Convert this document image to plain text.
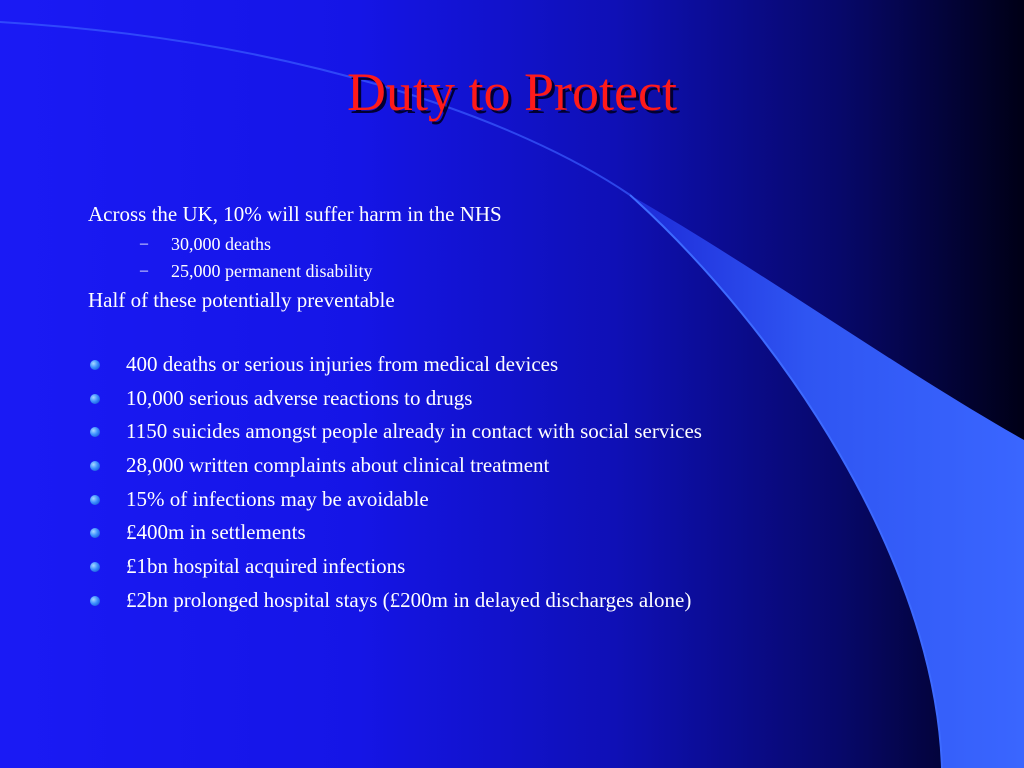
Duty to Protect
Across the UK, 10% will suffer harm in the NHS
– 30,000 deaths
– 25,000 permanent disability
Half of these potentially preventable
400 deaths or serious injuries from medical devices
10,000 serious adverse reactions to drugs
1150 suicides amongst people already in contact with social services
28,000 written complaints about clinical treatment
15% of infections may be avoidable
£400m in settlements
£1bn hospital acquired infections
£2bn prolonged hospital stays (£200m in delayed discharges alone)
